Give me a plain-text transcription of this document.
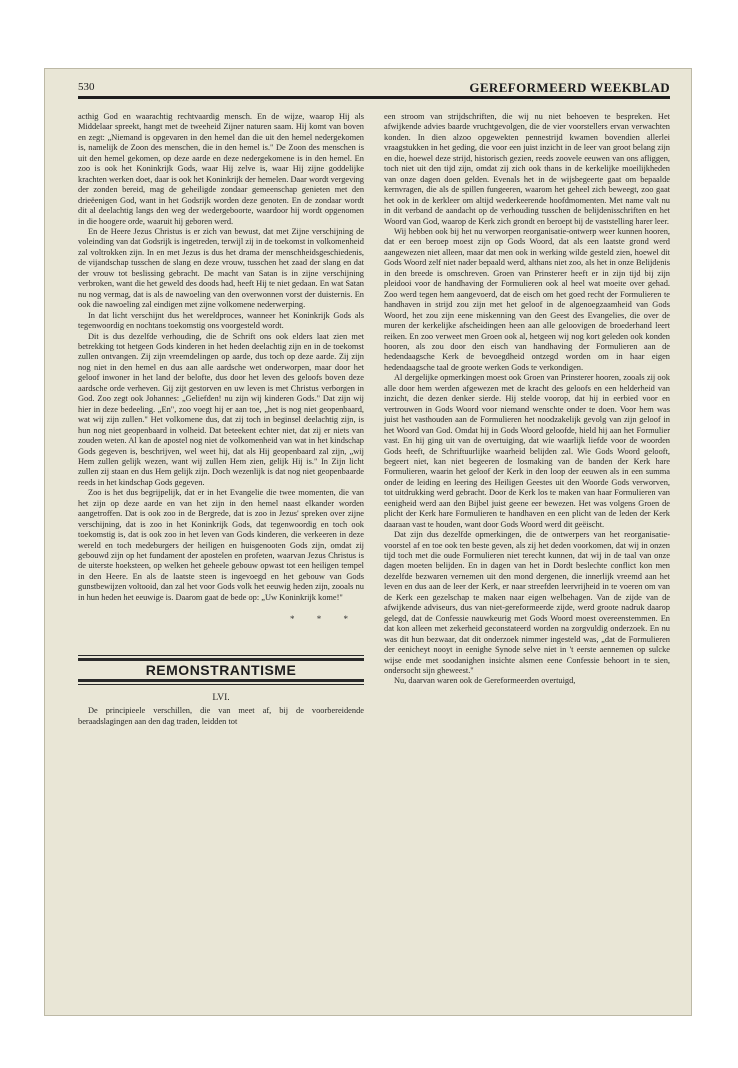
530	GEREFORMEERD WEEKBLAD

acthig God en waarachtig rechtvaardig mensch. En de wijze, waarop Hij als Middelaar spreekt, hangt met de tweeheid Zijner naturen saam. Hij komt van boven en zegt: „Niemand is opgevaren in den hemel dan die uit den hemel nedergekomen is, namelijk de Zoon des menschen, die in den hemel is." De Zoon des menschen is uit den hemel gekomen, op deze aarde en deze nedergekomene is in den hemel. En zoo is ook het Koninkrijk Gods, waar Hij zelve is, waar Hij zijne goddelijke krachten werken doet, daar is ook het Koninkrijk der hemelen. Daar wordt vergeving der zonden bereid, mag de geheiligde zondaar gemeenschap genieten met den drieëenigen God, want in het Godsrijk worden deze genoten. En de zondaar wordt dit al deelachtig langs den weg der wedergeboorte, waardoor hij wordt opgenomen in die hoogere orde, waaruit hij geboren werd.

En de Heere Jezus Christus is er zich van bewust, dat met Zijne verschijning de voleinding van dat Godsrijk is ingetreden, terwijl zij in de toekomst in volkomenheid zal voltrokken zijn. In en met Jezus is dus het drama der menschheidsgeschiedenis, de vijandschap tusschen de slang en deze vrouw, tusschen het zaad der slang en dat der vrouw tot beslissing gebracht. De macht van Satan is in zijne verschijning verbroken, want die het geweld des doods had, heeft Hij te niet gedaan. En wat Satan nu nog vermag, dat is als de nawoeling van den overwonnen vorst der duisternis. En ook die nawoeling zal eindigen met zijne volkomene nederwerping.

In dat licht verschijnt dus het wereldproces, wanneer het Koninkrijk Gods als tegenwoordig en nochtans toekomstig ons voorgesteld wordt.

Dit is dus dezelfde verhouding, die de Schrift ons ook elders laat zien met betrekking tot hetgeen Gods kinderen in het heden deelachtig zijn en in de toekomst zullen ontvangen. Zij zijn vreemdelingen op aarde, dus toch op deze aarde. Zij zijn nog niet in den hemel en dus aan alle aardsche wet onderworpen, maar door het geloof inwoner in het land der belofte, dus door het leven des geloofs boven deze aardsche orde verheven. Gij zijt gestorven en uw leven is met Christus verborgen in God. Zoo zegt ook Johannes: „Geliefden! nu zijn wij kinderen Gods." Dat zijn wij hier in deze bedeeling. „En", zoo voegt hij er aan toe, „het is nog niet geopenbaard, wat wij zijn zullen." Het volkomene dus, dat zij toch in beginsel deelachtig zijn, is hun nog niet geopenbaard in volheid. Dat beteekent echter niet, dat zij er niets van zouden weten. Al kan de apostel nog niet de volkomenheid van wat in het kindschap Gods gegeven is, beschrijven, wel weet hij, dat als Hij geopenbaard zal zijn, „wij Hem zullen gelijk wezen, want wij zullen Hem zien, gelijk Hij is." In Zijn licht zullen zij staan en dus Hem gelijk zijn. Doch wezenlijk is dat nog niet geopenbaarde reeds in het kindschap Gods gegeven.

Zoo is het dus begrijpelijk, dat er in het Evangelie die twee momenten, die van het zijn op deze aarde en van het zijn in den hemel naast elkander worden aangetroffen. Dat is ook zoo in de Bergrede, dat is zoo in Jezus' spreken over zijne verschijning, dat is zoo in het Koninkrijk Gods, dat tegenwoordig en toch ook toekomstig is, dat is ook zoo in het leven van Gods kinderen, die verkeeren in deze wereld en toch medeburgers der heiligen en huisgenooten Gods zijn, omdat zij gebouwd zijn op het fundament der apostelen en profeten, waarvan Jezus Christus is de uiterste hoeksteen, op welken het geheele gebouw opwast tot een heiligen tempel in den Heere. En als de laatste steen is ingevoegd en het gebouw van Gods gunstbewijzen voltooid, dan zal het voor Gods volk het eeuwig heden zijn, zooals nu in hun heden het eeuwige is. Daarom gaat de bede op: „Uw Koninkrijk kome!"

* * *
REMONSTRANTISME
LVI.

De principieele verschillen, die van meet af, bij de voorbereidende beraadslagingen aan den dag traden, leidden tot

een stroom van strijdschriften, die wij nu niet behoeven te bespreken. Het afwijkende advies baarde vruchtgevolgen, die de vier voorstellers ervan verwachten konden. In dien alzoo opgewekten pennestrijd kwamen bovendien allerlei vraagstukken in het geding, die voor een juist inzicht in de leer van groot belang zijn en die, hoewel deze strijd, historisch gezien, reeds zoovele eeuwen van ons afliggen, toch niet uit den tijd zijn, omdat zij zich ook thans in de kerkelijke moeilijkheden van onze dagen doen gelden. Evenals het in de wijsbegeerte gaat om bepaalde kernvragen, die als de spillen fungeeren, waarom het geheel zich beweegt, zoo gaat het ook in de kerkleer om altijd wederkeerende hoofdmomenten. Met name valt nu in dit verband de aandacht op de verhouding tusschen de belijdenisschriften en het Woord van God, waarop de Kerk zich grondt en beroept bij de vaststelling harer leer.

Wij hebben ook bij het nu verworpen reorganisatie-ontwerp weer kunnen hooren, dat er een beroep moest zijn op Gods Woord, dat als een laatste grond werd aangewezen niet alleen, maar dat men ook in werking wilde gesteld zien, hoewel dit Gods Woord zelf niet nader bepaald werd, althans niet zoo, als het in onze Belijdenis in den breede is omschreven. Groen van Prinsterer heeft er in zijn tijd bij zijn pleidooi voor de handhaving der Formulieren ook al heel wat moeite over gehad. Zoo werd tegen hem aangevoerd, dat de eisch om het goed recht der Formulieren te handhaven in strijd zou zijn met het geloof in de algenoegzaamheid van Gods Woord, het zou zijn eene miskenning van den Geest des Evangelies, die over de muren der kerkelijke afscheidingen heen aan alle geloovigen de broederhand leert reiken. En zoo verweet men Groen ook al, hetgeen wij nog kort geleden ook konden hooren, als zou door den eisch van handhaving der Formulieren aan de hedendaagsche Kerk de bevoegdheid ontzegd worden om in haar eigen hedendaagsche taal de groote werken Gods te verkondigen.

Al dergelijke opmerkingen moest ook Groen van Prinsterer hooren, zooals zij ook alle door hem werden afgewezen met de kracht des geloofs en een helderheid van inzicht, die dezen denker sierde. Hij stelde voorop, dat hij in eerbied voor en vertrouwen in Gods Woord voor niemand wenschte onder te doen. Voor hem was juist het vasthouden aan de Formulieren het noodzakelijk gevolg van zijn geloof in het Woord van God. Omdat hij in Gods Woord geloofde, hield hij aan het Formulier vast. En hij ging uit van de overtuiging, dat wie waarlijk liefde voor de woorden Gods heeft, de Schriftuurlijke waarheid belijden zal. Wie Gods Woord gelooft, begeert niet, kan niet begeeren de losmaking van de banden der Kerk hare Formulieren, waarin het geloof der Kerk in den loop der eeuwen als in een summa onder de leiding en leering des Heiligen Geestes uit den Woorde Gods verworven, tot uitdrukking werd gebracht. Door de Kerk los te maken van haar Formulieren van eenigheid werd aan den Bijbel juist geene eer bewezen. Het was volgens Groen de plicht der Kerk hare Formulieren te handhaven en een plicht van de leden der Kerk daaraan vast te houden, want door Gods Woord werd dit geëischt.

Dat zijn dus dezelfde opmerkingen, die de ontwerpers van het reorganisatie-voorstel af en toe ook ten beste geven, als zij het deden voorkomen, dat wij in onzen tijd toch met die oude Formulieren niet terecht kunnen, dat wij in de taal van onze dagen moeten belijden. En in dagen van het in Dordt beslechte conflict kon men dezelfde bezwaren vernemen uit den mond dergenen, die innerlijk vreemd aan het leven en dus aan de leer der Kerk, er naar streefden leervrijheid in te voeren om van de Kerk een gezelschap te maken naar eigen welbehagen. Van de zijde van de afwijkende adviseurs, dus van niet-gereformeerde zijde, werd groote nadruk daarop gelegd, dat de Confessie nauwkeurig met Gods Woord moest overeenstemmen. En dat kon alleen met zekerheid geconstateerd worden na zorgvuldig onderzoek. En nu was dit hun bezwaar, dat dit onderzoek nimmer ingesteld was, „dat de Formulieren der eenicheyt nooyt in eenighe Synode selve niet in 't eerste aennemen op sulcke wijse ende met soodanighen insichte alsmen eene Confessie behoort in te sien, ondersocht sijn gheweest."

Nu, daarvan waren ook de Gereformeerden overtuigd,
